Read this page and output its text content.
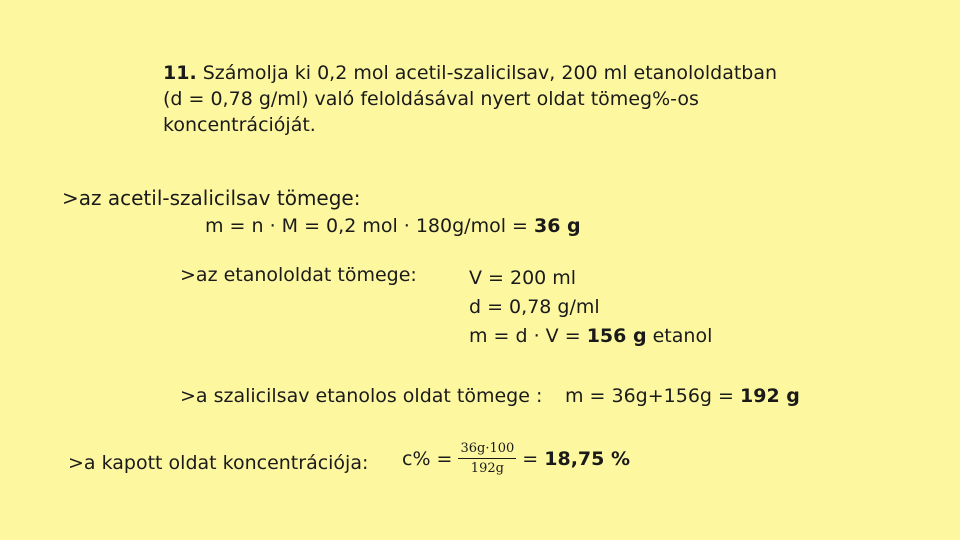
11. Számolja ki 0,2 mol acetil-szalicilsav, 200 ml etanololdatban
(d = 0,78 g/ml) való feloldásával nyert oldat tömeg%-os
koncentrációját.
>az acetil-szalicilsav tömege:
m = n · M = 0,2 mol · 180g/mol = 36 g
>az etanololdat tömege:	V = 200 ml
d = 0,78 g/ml
m = d · V = 156 g etanol
>a szalicilsav etanolos oldat tömege : m = 36g+156g = 192 g
>a kapott oldat koncentrációja: $c\% = \frac{36g\cdot 100}{192g}$ =
18,75 %
